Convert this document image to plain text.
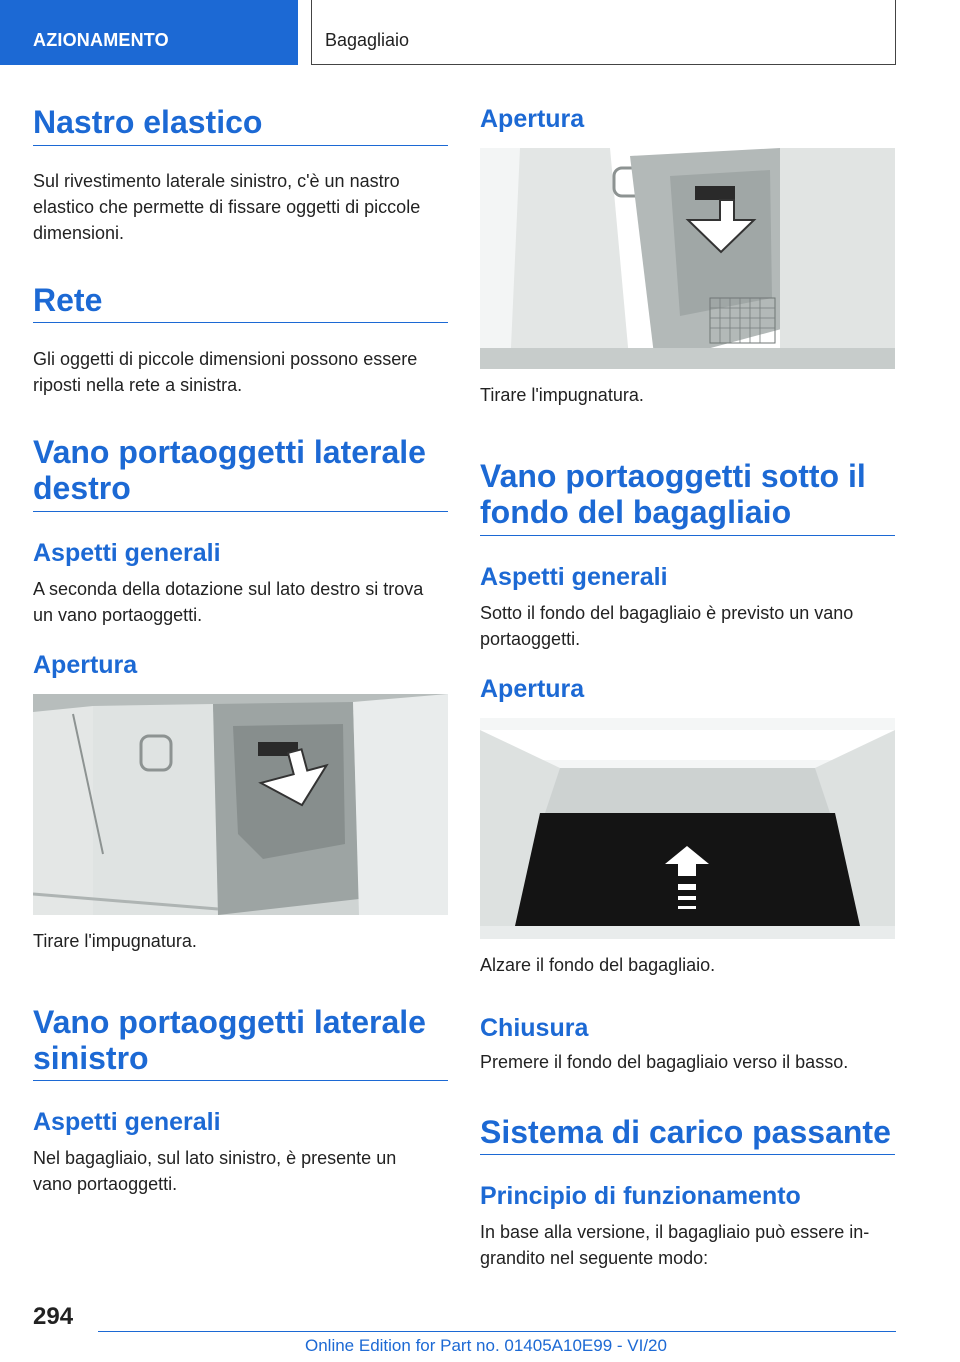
AZIONAMENTO	Bagagliaio
Nastro elastico
Sul rivestimento laterale sinistro, c'è un nastro
elastico che permette di fissare oggetti di piccole
dimensioni.
Rete
Gli oggetti di piccole dimensioni possono essere
riposti nella rete a sinistra.
Vano portaoggetti laterale
destro
Aspetti generali
A seconda della dotazione sul lato destro si trova
un vano portaoggetti.
Apertura
Tirare l'impugnatura.
Vano portaoggetti laterale
sinistro
Aspetti generali
Nel bagagliaio, sul lato sinistro, è presente un
vano portaoggetti.
Apertura
Tirare l'impugnatura.
Vano portaoggetti sotto il
fondo del bagagliaio
Aspetti generali
Sotto il fondo del bagagliaio è previsto un vano
portaoggetti.
Apertura
Alzare il fondo del bagagliaio.
Chiusura
Premere il fondo del bagagliaio verso il basso.
Sistema di carico passante
Principio di funzionamento
In base alla versione, il bagagliaio può essere in-
grandito nel seguente modo:
294
Online Edition for Part no. 01405A10E99 - VI/20
